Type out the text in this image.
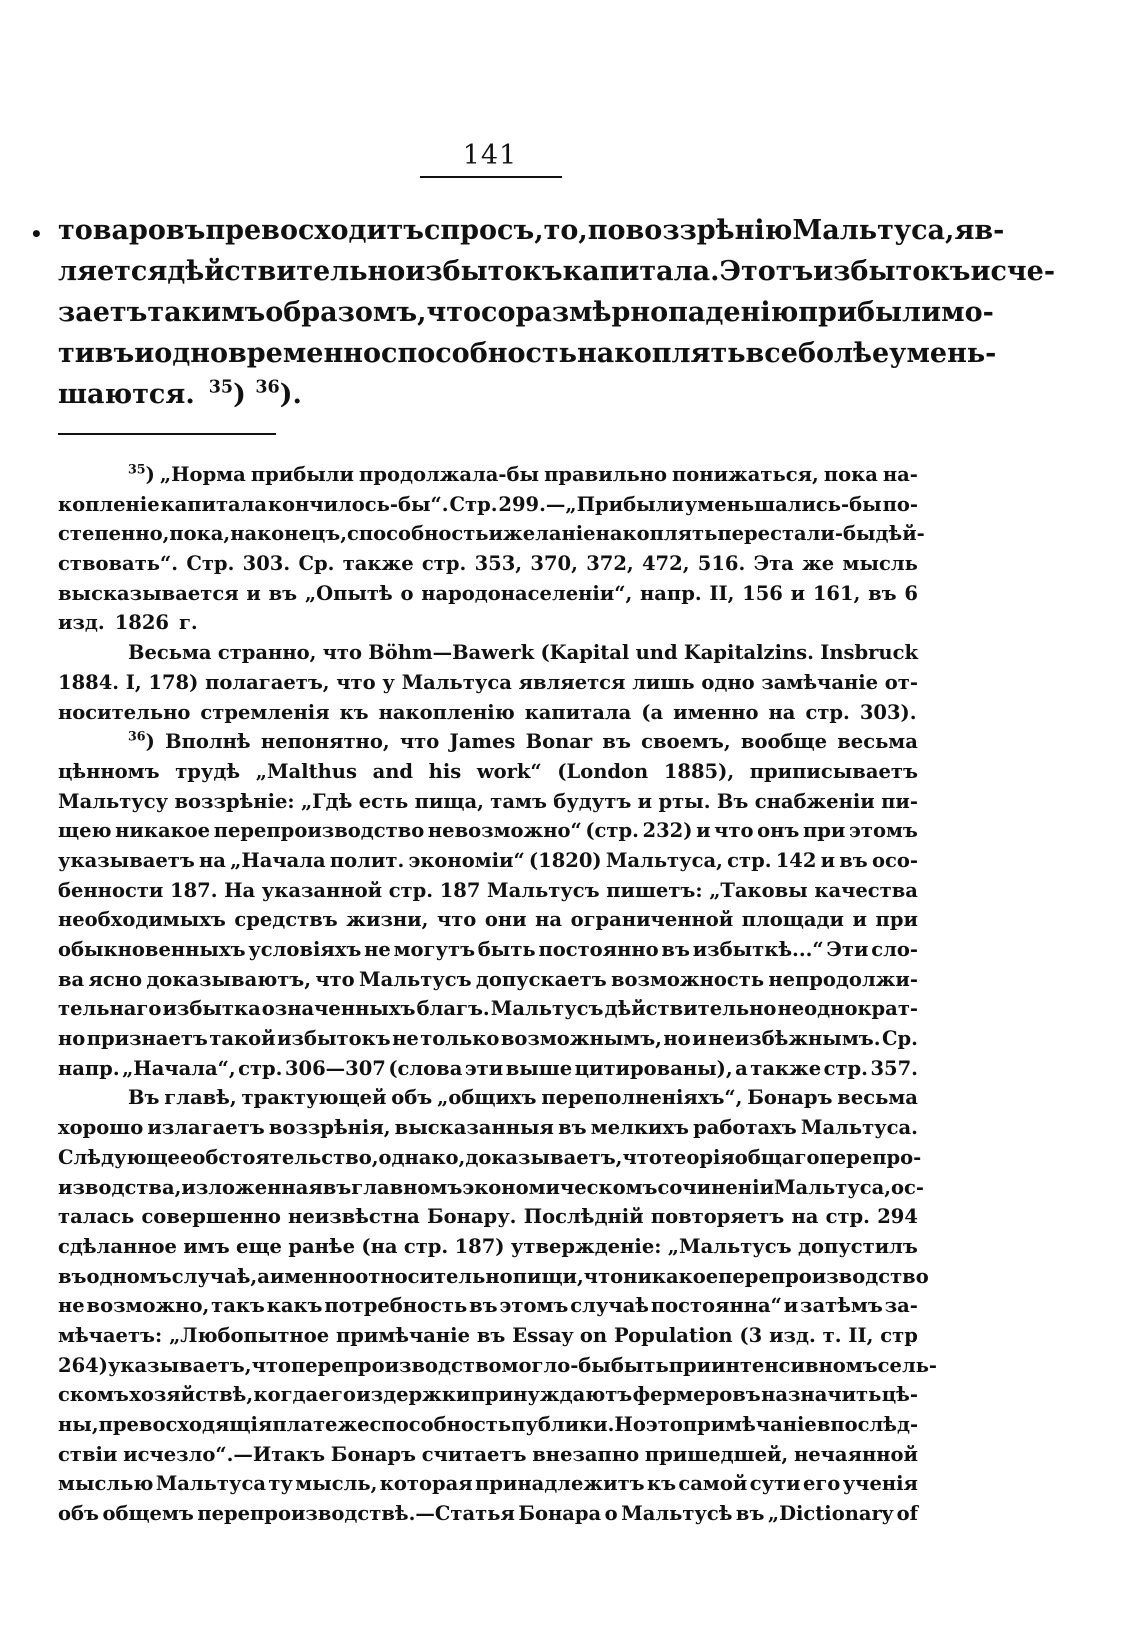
•
141
товаровъ превосходитъ спросъ, то, по воззрѣнію Мальтуса, яв-
ляется дѣйствительно избытокъ капитала. Этотъ избытокъ исче-
заетъ такимъ образомъ, что соразмѣрно паденію прибыли мо-
тивъ и одновременно способность накоплять все болѣе умень-
шаются. $^{35}$) $^{36}$).
$^{35}$) „Норма прибыли продолжала-бы правильно понижаться, пока на-
копленіе капитала кончилось-бы“. Стр. 299.—„Прибыли уменьшались-бы по-
степенно, пока, наконецъ, способность и желаніе накоплять перестали-бы дѣй-
ствовать“. Стр. 303. Ср. также стр. 353, 370, 372, 472, 516. Эта же мысль
высказывается и въ „Опытѣ о народонаселеніи“, напр. II, 156 и 161, въ 6
изд. 1826 г.
Весьма странно, что Böhm—Bawerk (Kapital und Kapitalzins. Insbruck
1884. I, 178) полагаетъ, что у Мальтуса является лишь одно замѣчаніе от-
носительно стремленія къ накопленію капитала (а именно на стр. 303).
$^{36}$) Вполнѣ непонятно, что James Bonar въ своемъ, вообще весьма
цѣнномъ трудѣ „Malthus and his work“ (London 1885), приписываетъ
Мальтусу воззрѣніе: „Гдѣ есть пища, тамъ будутъ и рты. Въ снабженіи пи-
щею никакое перепроизводство невозможно“ (стр. 232) и что онъ при этомъ
указываетъ на „Начала полит. экономіи“ (1820) Мальтуса, стр. 142 и въ осо-
бенности 187. На указанной стр. 187 Мальтусъ пишетъ: „Таковы качества
необходимыхъ средствъ жизни, что они на ограниченной площади и при
обыкновенныхъ условіяхъ не могутъ быть постоянно въ избыткѣ...“ Эти сло-
ва ясно доказываютъ, что Мальтусъ допускаетъ возможность непродолжи-
тельнаго избытка означенныхъ благъ. Мальтусъ дѣйствительно неоднократ-
но признаетъ такой избытокъ не только возможнымъ, но и неизбѣжнымъ. Ср.
напр. „Начала“, стр. 306—307 (слова эти выше цитированы), а также стр. 357.
Въ главѣ, трактующей объ „общихъ переполненіяхъ“, Бонаръ весьма
хорошо излагаетъ воззрѣнія, высказанныя въ мелкихъ работахъ Мальтуса.
Слѣдующее обстоятельство, однако, доказываетъ, что теорія общаго перепро-
изводства, изложенная въ главномъ экономическомъ сочиненіи Мальтуса, ос-
талась совершенно неизвѣстна Бонару. Послѣдній повторяетъ на стр. 294
сдѣланное имъ еще ранѣе (на стр. 187) утвержденіе: „Мальтусъ допустилъ
въ одномъ случаѣ, а именно относительно пищи, что никакое перепроизводство
не возможно, такъ какъ потребность въ этомъ случаѣ постоянна“ и затѣмъ за-
мѣчаетъ: „Любопытное примѣчаніе въ Essay on Population (3 изд. т. II, стр
264) указываетъ, что перепроизводство могло-бы быть при интенсивномъ сель-
скомъ хозяйствѣ, когда его издержки принуждаютъ фермеровъ назначить цѣ-
ны, превосходящія платежеспособность публики. Но это примѣчаніе впослѣд-
ствіи исчезло“.—Итакъ Бонаръ считаетъ внезапно пришедшей, нечаянной
мыслью Мальтуса ту мысль, которая принадлежитъ къ самой сути его ученія
объ общемъ перепроизводствѣ.—Статья Бонара о Мальтусѣ въ „Dictionary of
